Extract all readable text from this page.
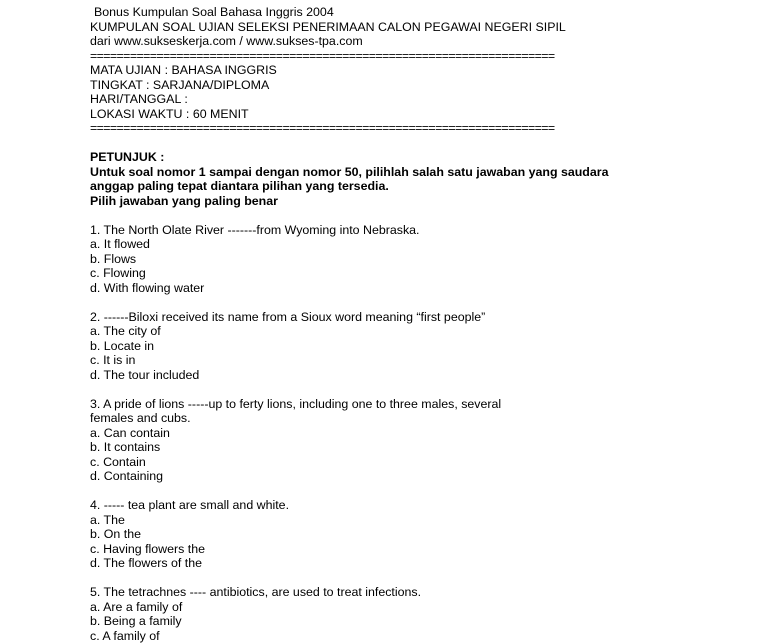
Bonus Kumpulan Soal Bahasa Inggris 2004
KUMPULAN SOAL UJIAN SELEKSI PENERIMAAN CALON PEGAWAI NEGERI SIPIL
dari www.sukseskerja.com / www.sukses-tpa.com
======================================================================
MATA UJIAN : BAHASA INGGRIS
TINGKAT : SARJANA/DIPLOMA
HARI/TANGGAL :
LOKASI WAKTU : 60 MENIT
======================================================================
PETUNJUK :
Untuk soal nomor 1 sampai dengan nomor 50, pilihlah salah satu jawaban yang saudara
anggap paling tepat diantara pilihan yang tersedia.
Pilih jawaban yang paling benar
1. The North Olate River -------from Wyoming into Nebraska.
a. It flowed
b. Flows
c. Flowing
d. With flowing water
2. ------Biloxi received its name from a Sioux word meaning “first people”
a. The city of
b. Locate in
c. It is in
d. The tour included
3. A pride of lions -----up to ferty lions, including one to three males, several
females and cubs.
a. Can contain
b. It contains
c. Contain
d. Containing
4. ----- tea plant are small and white.
a. The
b. On the
c. Having flowers the
d. The flowers of the
5. The tetrachnes ---- antibiotics, are used to treat infections.
a. Are a family of
b. Being a family
c. A family of
